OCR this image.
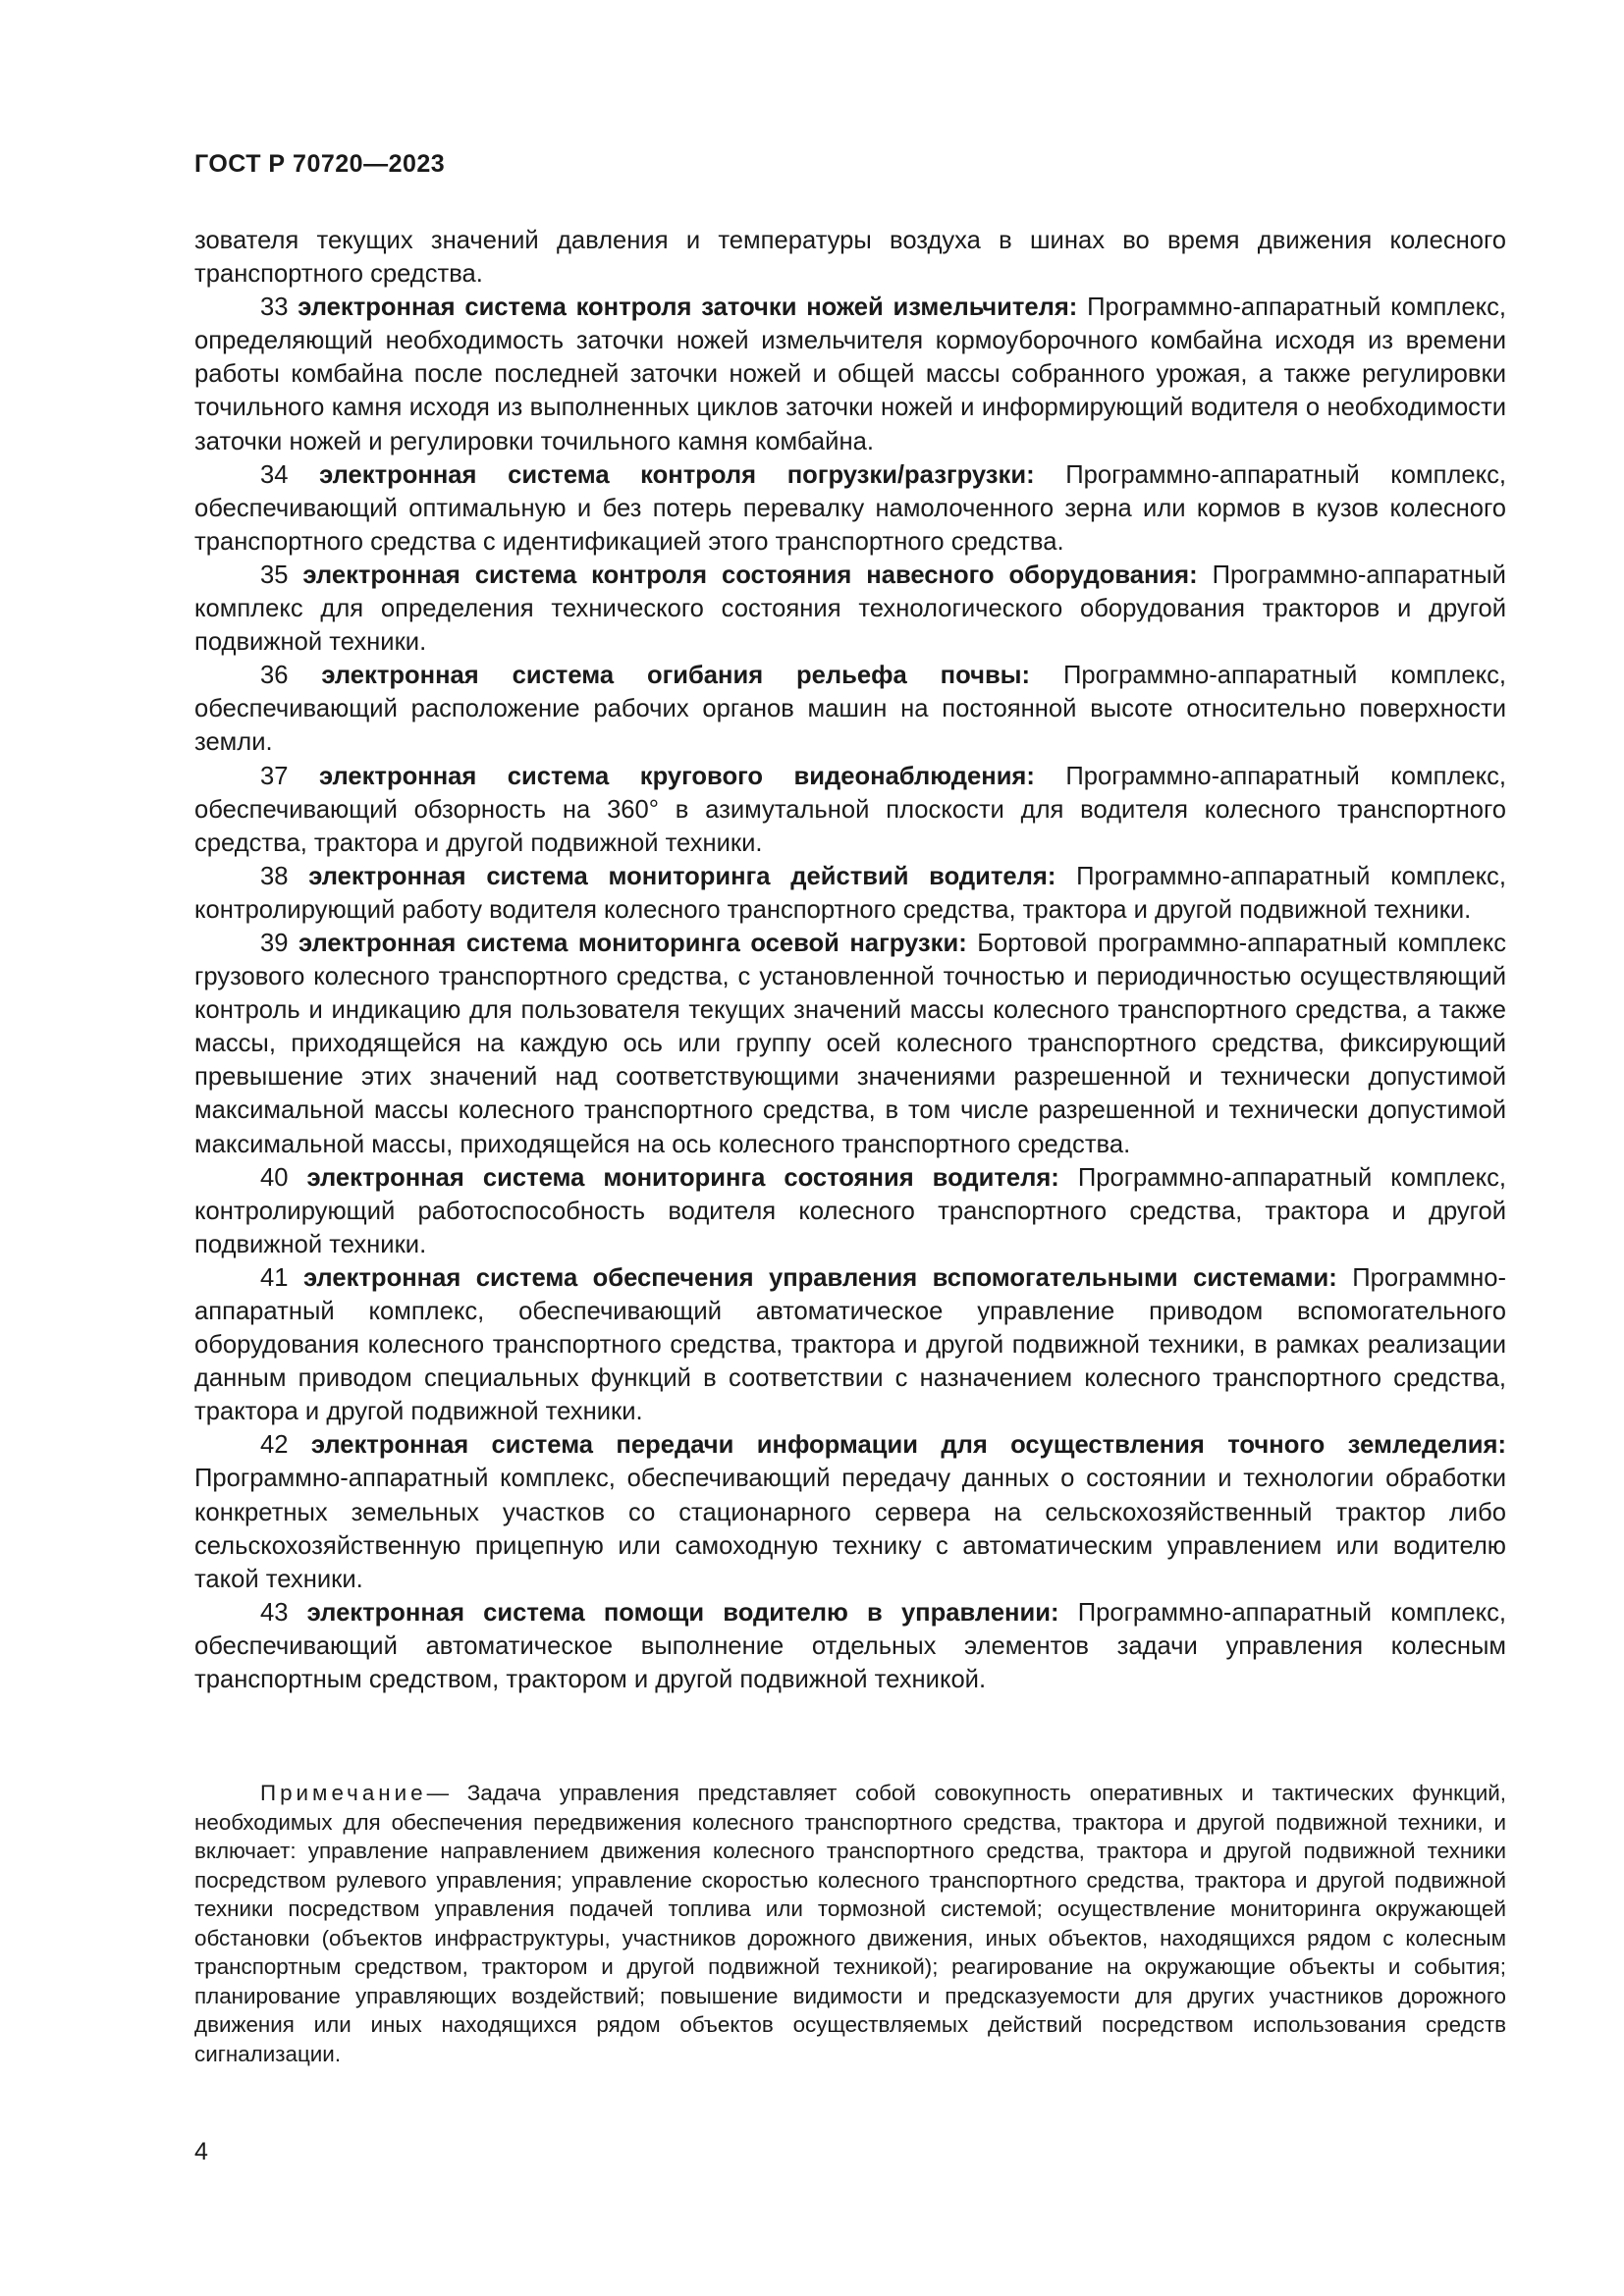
ГОСТ Р 70720—2023

зователя текущих значений давления и температуры воздуха в шинах во время движения колесного транспортного средства.

33 электронная система контроля заточки ножей измельчителя: Программно-аппаратный комплекс, определяющий необходимость заточки ножей измельчителя кормоуборочного комбайна исходя из времени работы комбайна после последней заточки ножей и общей массы собранного урожая, а также регулировки точильного камня исходя из выполненных циклов заточки ножей и информирующий водителя о необходимости заточки ножей и регулировки точильного камня комбайна.

34 электронная система контроля погрузки/разгрузки: Программно-аппаратный комплекс, обеспечивающий оптимальную и без потерь перевалку намолоченного зерна или кормов в кузов колесного транспортного средства с идентификацией этого транспортного средства.

35 электронная система контроля состояния навесного оборудования: Программно-аппаратный комплекс для определения технического состояния технологического оборудования тракторов и другой подвижной техники.

36 электронная система огибания рельефа почвы: Программно-аппаратный комплекс, обеспечивающий расположение рабочих органов машин на постоянной высоте относительно поверхности земли.

37 электронная система кругового видеонаблюдения: Программно-аппаратный комплекс, обеспечивающий обзорность на 360° в азимутальной плоскости для водителя колесного транспортного средства, трактора и другой подвижной техники.

38 электронная система мониторинга действий водителя: Программно-аппаратный комплекс, контролирующий работу водителя колесного транспортного средства, трактора и другой подвижной техники.

39 электронная система мониторинга осевой нагрузки: Бортовой программно-аппаратный комплекс грузового колесного транспортного средства, с установленной точностью и периодичностью осуществляющий контроль и индикацию для пользователя текущих значений массы колесного транспортного средства, а также массы, приходящейся на каждую ось или группу осей колесного транспортного средства, фиксирующий превышение этих значений над соответствующими значениями разрешенной и технически допустимой максимальной массы колесного транспортного средства, в том числе разрешенной и технически допустимой максимальной массы, приходящейся на ось колесного транспортного средства.

40 электронная система мониторинга состояния водителя: Программно-аппаратный комплекс, контролирующий работоспособность водителя колесного транспортного средства, трактора и другой подвижной техники.

41 электронная система обеспечения управления вспомогательными системами: Программно-аппаратный комплекс, обеспечивающий автоматическое управление приводом вспомогательного оборудования колесного транспортного средства, трактора и другой подвижной техники, в рамках реализации данным приводом специальных функций в соответствии с назначением колесного транспортного средства, трактора и другой подвижной техники.

42 электронная система передачи информации для осуществления точного земледелия: Программно-аппаратный комплекс, обеспечивающий передачу данных о состоянии и технологии обработки конкретных земельных участков со стационарного сервера на сельскохозяйственный трактор либо сельскохозяйственную прицепную или самоходную технику с автоматическим управлением или водителю такой техники.

43 электронная система помощи водителю в управлении: Программно-аппаратный комплекс, обеспечивающий автоматическое выполнение отдельных элементов задачи управления колесным транспортным средством, трактором и другой подвижной техникой.

Примечание— Задача управления представляет собой совокупность оперативных и тактических функций, необходимых для обеспечения передвижения колесного транспортного средства, трактора и другой подвижной техники, и включает: управление направлением движения колесного транспортного средства, трактора и другой подвижной техники посредством рулевого управления; управление скоростью колесного транспортного средства, трактора и другой подвижной техники посредством управления подачей топлива или тормозной системой; осуществление мониторинга окружающей обстановки (объектов инфраструктуры, участников дорожного движения, иных объектов, находящихся рядом с колесным транспортным средством, трактором и другой подвижной техникой); реагирование на окружающие объекты и события; планирование управляющих воздействий; повышение видимости и предсказуемости для других участников дорожного движения или иных находящихся рядом объектов осуществляемых действий посредством использования средств сигнализации.

4
